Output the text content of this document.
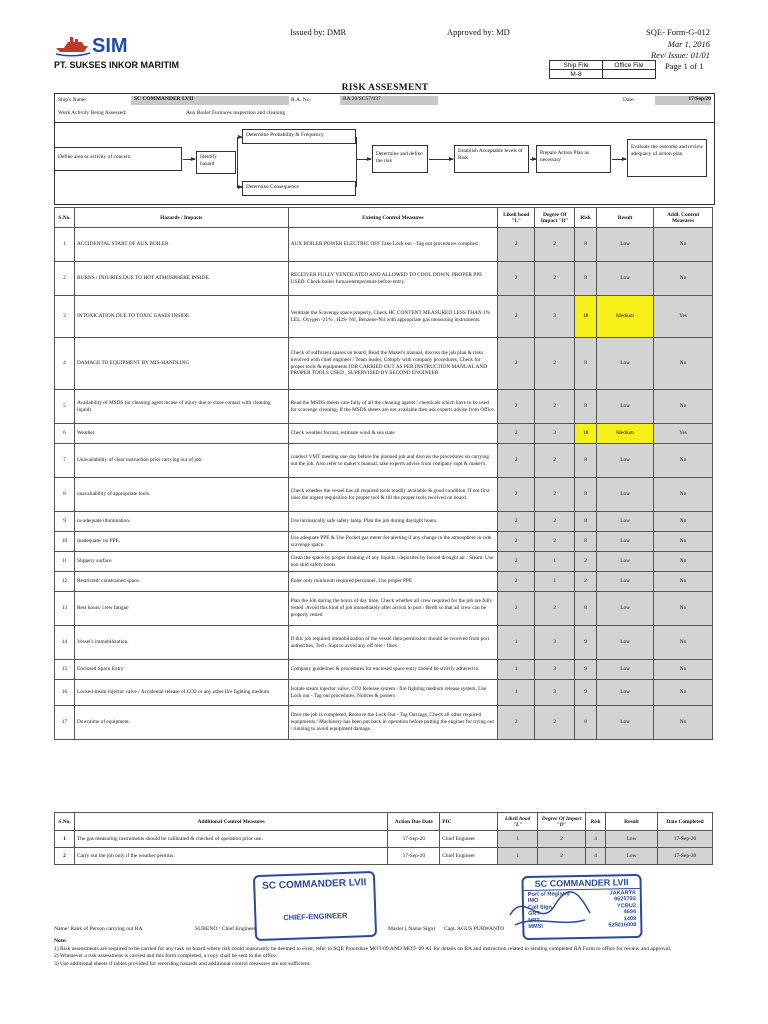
SIM
PT. SUKSES INKOR MARITIM
Issued by: DMR	Approved by: MD	SQE- Form-G-012
Mar 1, 2016
Rev/ Issue: 01/01
Ship File	Office File
M-8	
Page 1 of 1
RISK ASSESMENT
Ship's Name:	SC COMMANDER LVII	R.A. No.	RA 20/SC57/037	Date:	17/Sep/20
Work Activity Being Assessed:	Aux Boiler Furnaces inspection and cleaning
Define area or activity of concern	Identify hazard
Determine Probability & Frequency
Determine Consequence
Determine and define the risk
Establish Acceptable levels of Risk
Prepare Action Plan as necessary
Evaluate the outcome and review adequacy of action plan
S.No.	Hazards / Impacts	Existing Control Measures	Likeli hood "L"	Degree Of Impact "D"	Risk	Result	Addl. Control Measures
1	ACCIDENTAL START OF AUX BOILER	AUX BOILER POWER ELECTRIC OFF Take Lock out - Tag out procedures complied .	2	2	8	Low	No
2	BURNS / INJURIES DUE TO HOT ATMOSPHERE INSIDE.	RECEIVER FULLY VENTILATED AND ALLOWED TO COOL DOWN. PROPER PPE USED. Check boiler furnacetemperature before entry.	2	2	8	Low	No
3	INTOXICATION DUE TO TOXIC GASES INSIDE.	Ventilate the Scavenge space properly, Check HC CONTENT MEASURED LESS THAN 1% LEL, Oxygen -21% , H2S- Nil, Benzene-Nil with appropriate gas measuring instruments.	2	3	18	Medium	Yes
4	DAMAGE TO EQUIPMENT BY MIS-HANDLING	Check of sufficient spares on board, Read the Maker's manual, discuss the job plan & risks involved with chief engineer / Team leader, Comply with company procedures, Check for proper tools & equipments JOB CARRIED OUT AS PER INSTRUCTION MANUAL AND PROPER TOOLS USED , SUPERVISED BY SECOND ENGINEER	2	2	8	Low	No
5	Availability of MSDS for cleaning agent incase of injury due to close contact with cleaning liquid)	Read the MSDS sheets care fully of all the cleaning agents / chemicals which have to be used for scavenge cleaning, If the MSDS sheets are not available then ask experts advise from Office.	2	2	8	Low	No
6	Weather	Check weather forcast, estimate wind & sea state	2	3	18	Medium	Yes
7	Unavailability of clear instruction prior carrying out of job.	conduct VMT meeting one day before the planned job and discuss the procedures on carrying out the job. Also refer to maker's manual, take experts advise from company supt & maker's.	2	2	8	Low	No
8	unavailability of appropriate tools.	Check whether the vessel has all required tools readily available & good condition, If not first raise the urgent requisition for proper tool & till the proper tools received on board.	2	2	8	Low	No
9	in-adequate illumination.	Use intrinsically safe safety lamp, Plan the job during daylight hours.	2	2	8	Low	No
10	Inadequate/ no PPE.	Use adequate PPE & Use Pocket gas meter for alerting if any change in the atmosphere in side scavenge space.	2	2	8	Low	No
11	Slippery surface	Clean the space by proper draining of any liquids / deposites by forced drought air / Steam. Use non skid safety boots	2	1	2	Low	No
12	Restricted/ constrained space.	Enter only minimum required personnel, Use proper PPE	2	1	2	Low	No
13	Rest hours/ crew fatigue	Plan the Job during the hours of day time, Check whether all crew required for the job are fully rested .Avoid this kind of job immediately after arrival to port / Berth so that all crew can be properly rested	2	2	8	Low	No
14	Vessel's immobilization.	If this job required immobilization of the vessel then permission should be received from port authorities, Tech. Supt to avoid any off hire / fines.	1	3	9	Low	No
15	Enclosed Space Entry	Company guidelines & procedures for enclosed space entry should be strictly adhered to.	1	3	9	Low	No
16	Locked steam injector valve / Accidental release of CO2 or any other fire fighting medium	Isolate steam injector valve, CO2 Release system / fire fighting medium release system, Use Lock out - Tag out procedures, Notices & posters	1	3	9	Low	No
17	Downtime of equipment.	Once the job is completed, Remove the Lock Out - Tag Out tags, Check all other required equipments / Machinery has been put back in operation before putting the engines for trying out / running to avoid equipment damage.	2	2	8	Low	No
S.No.	Additional Control Measures	Action Due Date	PIC	Likeli hood "L"	Degree Of Impact "D"	Risk	Result	Date Completed
1	The gas measuring instruments should be calibrated & checked of operation prior use.	17-Sep-20	Chief Engineer	1	2	4	Low	17-Sep-20
2	Carry out the job only if the weather permits.	17-Sep-20	Chief Engineer	1	2	4	Low	17-Sep-20
SC COMMANDER LVII
CHIEF-ENGINEER
SC COMMANDER LVII
Port of Registry	JAKARTA
IMO	9625793
Call Sign	YCBU2
GRT	4694
NRT	1409
MMSI	525016008
Name/ Rank of Person carrying out RA	SUBENO / Chief Engineer	Master ( Name Sign) Capt. AGUS PURWANTO
Note:
1) Risk assessments are required to be carried for any task on board where risk could reasonably be deemed to exist, refer to SQE Procedure MOT-09 AND MOT- 09 A1 for details on RA and instruction related to sending completed RA Form to office for review and approval.
2) Whenever a risk assessment is carried and this form completed, a copy shall be sent to the office.
3) Use additional sheets if tables provided for recording hazards and additional control measures are not sufficient.
